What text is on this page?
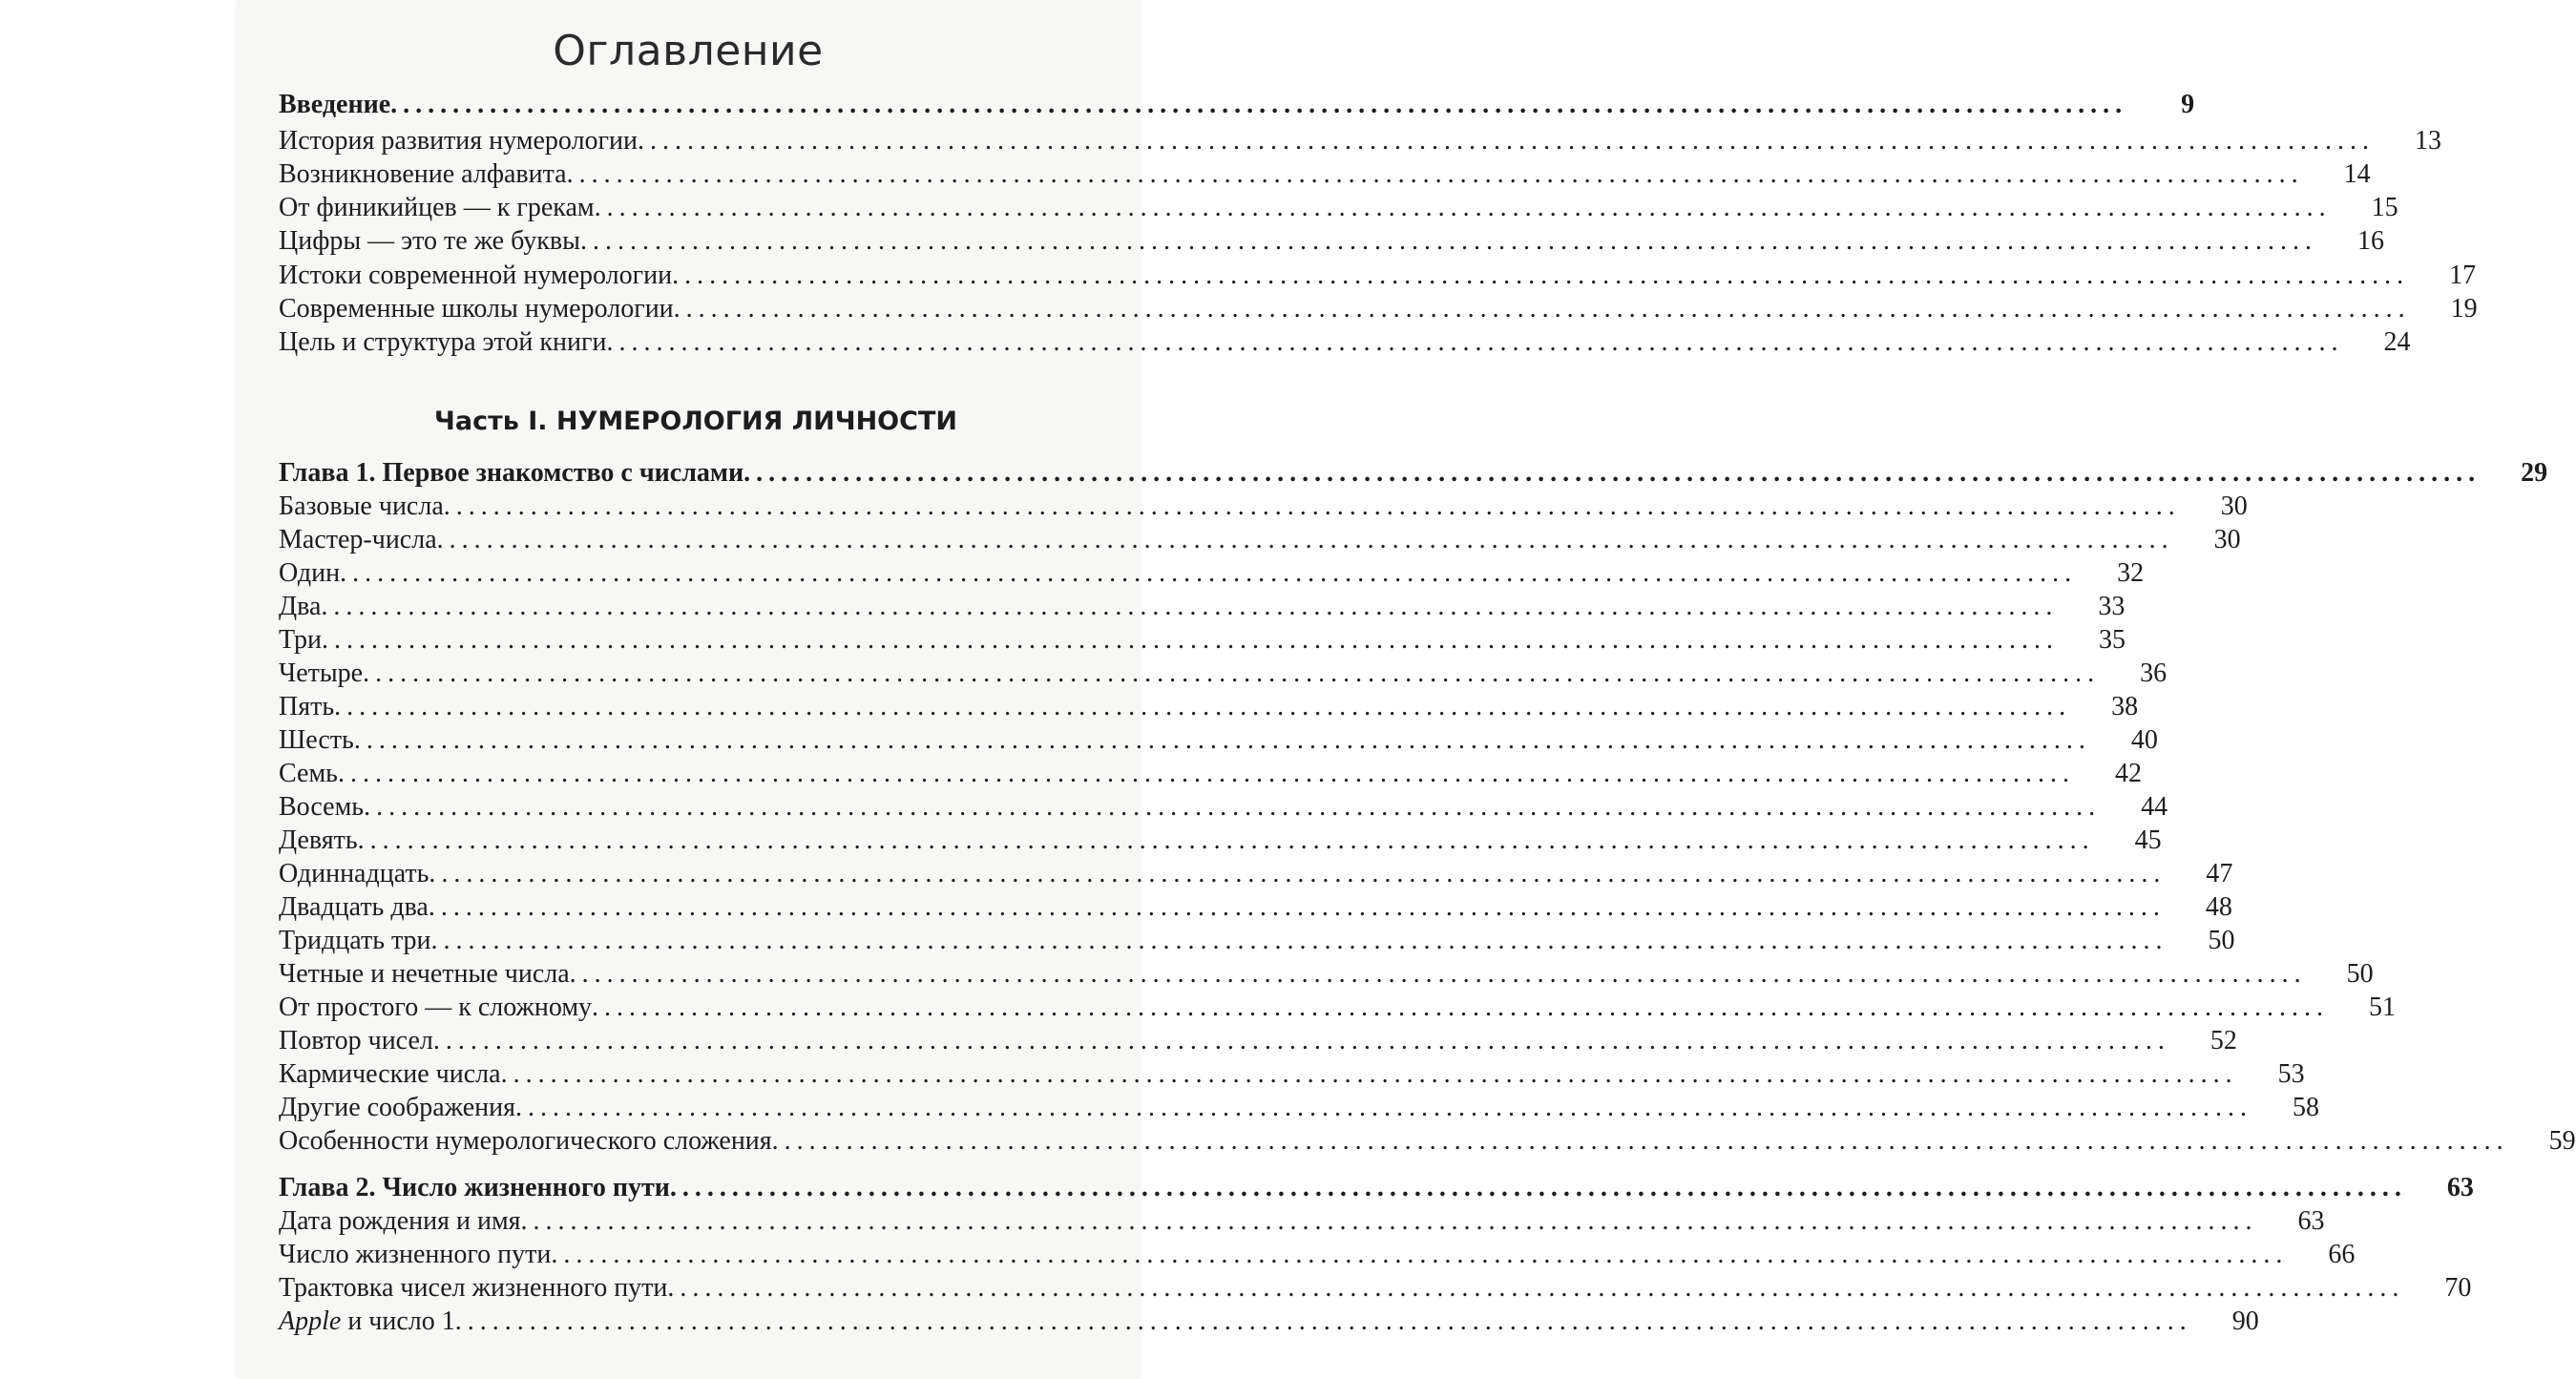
Оглавление
Введение ............................................................................................................................................	9
История развития нумерологии ............................................................................................................................................	13
Возникновение алфавита ............................................................................................................................................	14
От финикийцев — к грекам ............................................................................................................................................	15
Цифры — это те же буквы ............................................................................................................................................	16
Истоки современной нумерологии ............................................................................................................................................	17
Современные школы нумерологии ............................................................................................................................................	19
Цель и структура этой книги ............................................................................................................................................	24
Часть I. НУМЕРОЛОГИЯ ЛИЧНОСТИ
Глава 1. Первое знакомство с числами ............................................................................................................................................	29
Базовые числа ............................................................................................................................................	30
Мастер-числа ............................................................................................................................................	30
Один ............................................................................................................................................	32
Два ............................................................................................................................................	33
Три ............................................................................................................................................	35
Четыре ............................................................................................................................................	36
Пять ............................................................................................................................................	38
Шесть ............................................................................................................................................	40
Семь ............................................................................................................................................	42
Восемь ............................................................................................................................................	44
Девять ............................................................................................................................................	45
Одиннадцать ............................................................................................................................................	47
Двадцать два ............................................................................................................................................	48
Тридцать три ............................................................................................................................................	50
Четные и нечетные числа ............................................................................................................................................	50
От простого — к сложному ............................................................................................................................................	51
Повтор чисел ............................................................................................................................................	52
Кармические числа ............................................................................................................................................	53
Другие соображения ............................................................................................................................................	58
Особенности нумерологического сложения ............................................................................................................................................	59
Глава 2. Число жизненного пути ............................................................................................................................................	63
Дата рождения и имя ............................................................................................................................................	63
Число жизненного пути ............................................................................................................................................	66
Трактовка чисел жизненного пути ............................................................................................................................................	70
Apple и число 1 ............................................................................................................................................	90
